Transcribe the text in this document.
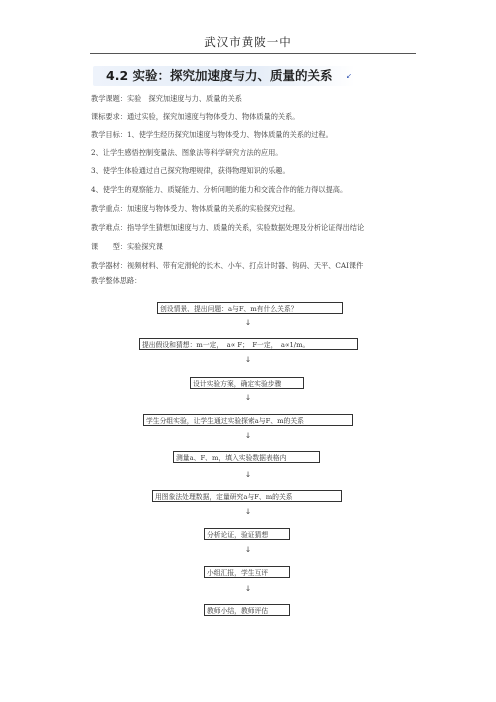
武汉市黄陂一中
4.2 实验：探究加速度与力、质量的关系 ↙
教学课题：实验　探究加速度与力、质量的关系
课标要求：通过实验，探究加速度与物体受力、物体质量的关系。
教学目标：1、使学生经历探究加速度与物体受力、物体质量的关系的过程。
2、让学生感悟控制变量法、图象法等科学研究方法的应用。
3、使学生体验通过自己探究物理规律，获得物理知识的乐趣。
4、使学生的观察能力、质疑能力、分析问题的能力和交流合作的能力得以提高。
教学重点：加速度与物体受力、物体质量的关系的实验探究过程。
教学难点：指导学生猜想加速度与力、质量的关系，实验数据处理及分析论证得出结论
课　　型：实验探究课
教学器材：视频材料、带有定滑轮的长木、小车、打点计时器、钩码、天平、CAI课件
教学整体思路：
创设情景、提出问题：a与F、m有什么关系？
↓
提出假设和猜想：m一定，　a∝ F；　F一定，　a∝1/m。
↓
设计实验方案，确定实验步骤
↓
学生分组实验，让学生通过实验探索a与F、m的关系
↓
测量a、F、m，填入实验数据表格内
↓
用图象法处理数据，定量研究a与F、m的关系
↓
分析论证，验证猜想
↓
小组汇报，学生互评
↓
教师小结，教师评估
